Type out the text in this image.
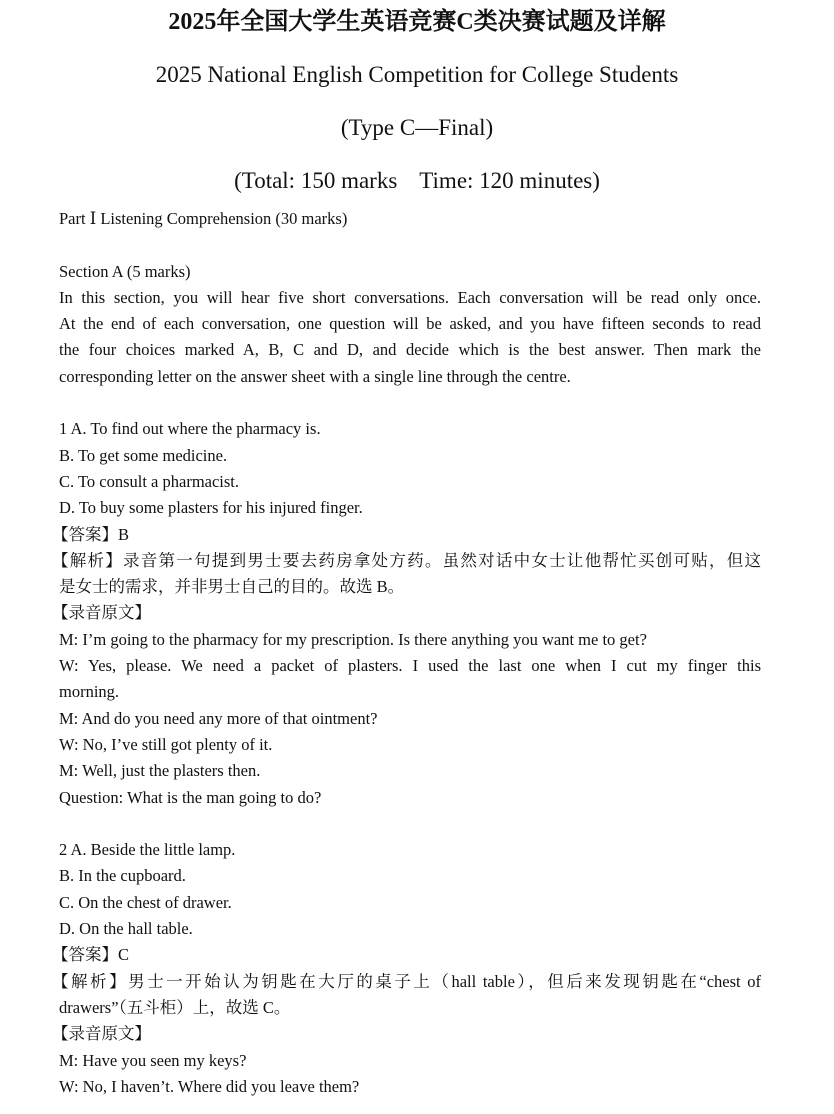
2025年全国大学生英语竞赛C类决赛试题及详解
2025 National English Competition for College Students
(Type C—Final)
(Total: 150 marks Time: 120 minutes)
Part Ⅰ Listening Comprehension (30 marks)
Section A (5 marks)
In this section, you will hear five short conversations. Each conversation will be read only once.
At the end of each conversation, one question will be asked, and you have fifteen seconds to read
the four choices marked A, B, C and D, and decide which is the best answer. Then mark the
corresponding letter on the answer sheet with a single line through the centre.
1 A. To find out where the pharmacy is.
B. To get some medicine.
C. To consult a pharmacist.
D. To buy some plasters for his injured finger.
【答案】B
【解析】录音第一句提到男士要去药房拿处方药。虽然对话中女士让他帮忙买创可贴，但这
是女士的需求，并非男士自己的目的。故选 B。
【录音原文】
M: I’m going to the pharmacy for my prescription. Is there anything you want me to get?
W: Yes, please. We need a packet of plasters. I used the last one when I cut my finger this
morning.
M: And do you need any more of that ointment?
W: No, I’ve still got plenty of it.
M: Well, just the plasters then.
Question: What is the man going to do?
2 A. Beside the little lamp.
B. In the cupboard.
C. On the chest of drawer.
D. On the hall table.
【答案】C
【解析】男士一开始认为钥匙在大厅的桌子上（hall table），但后来发现钥匙在“chest of
drawers”（五斗柜）上，故选 C。
【录音原文】
M: Have you seen my keys?
W: No, I haven’t. Where did you leave them?
